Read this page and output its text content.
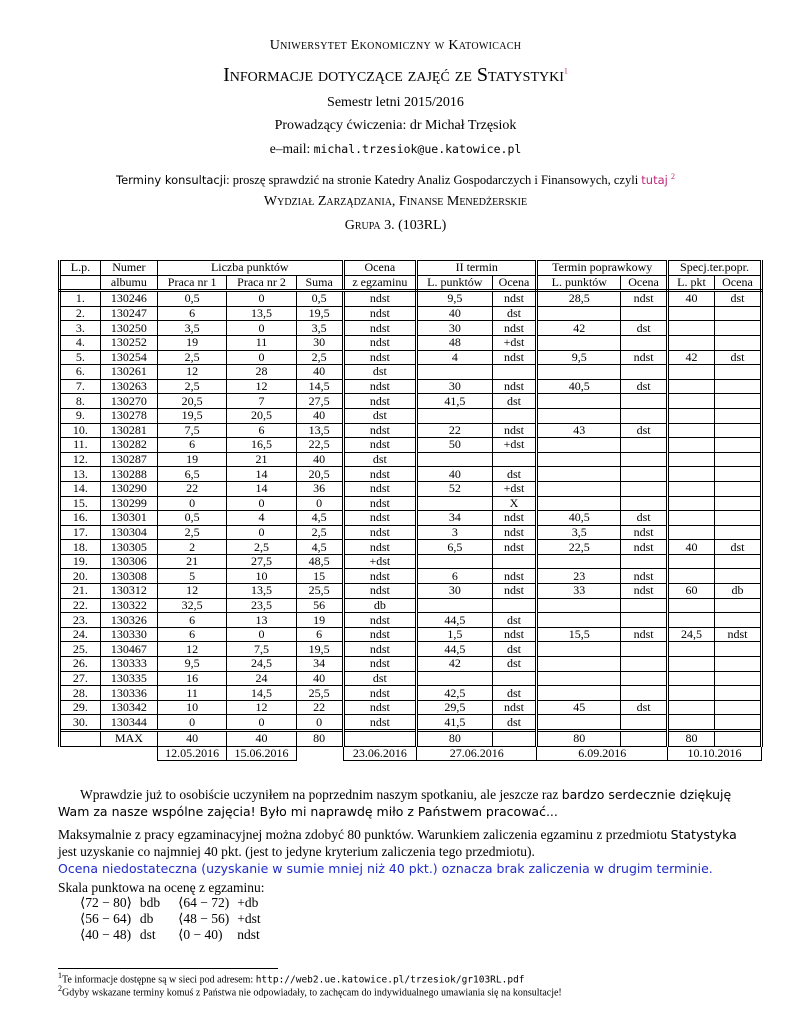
Uniwersytet Ekonomiczny w Katowicach
Informacje dotyczące zajęć ze Statystyki$^1$
Semestr letni 2015/2016
Prowadzący ćwiczenia: dr Michał Trzęsiok
e–mail: michal.trzesiok@ue.katowice.pl
Terminy konsultacji: proszę sprawdzić na stronie Katedry Analiz Gospodarczych i Finansowych, czyli tutaj $^2$
Wydział Zarządzania, Finanse Menedżerskie
Grupa 3. (103RL)
L.p.	Numer	Liczba punktów			Ocena	II termin		Termin poprawkowy		Specj.ter.popr.	
	albumu	Praca nr 1	Praca nr 2	Suma	z egzaminu	L. punktów	Ocena	L. punktów	Ocena	L. pkt	Ocena
1.	130246	0,5	0	0,5	ndst	9,5	ndst	28,5	ndst	40	dst
2.	130247	6	13,5	19,5	ndst	40	dst				
3.	130250	3,5	0	3,5	ndst	30	ndst	42	dst		
4.	130252	19	11	30	ndst	48	+dst				
5.	130254	2,5	0	2,5	ndst	4	ndst	9,5	ndst	42	dst
6.	130261	12	28	40	dst						
7.	130263	2,5	12	14,5	ndst	30	ndst	40,5	dst		
8.	130270	20,5	7	27,5	ndst	41,5	dst				
9.	130278	19,5	20,5	40	dst						
10.	130281	7,5	6	13,5	ndst	22	ndst	43	dst		
11.	130282	6	16,5	22,5	ndst	50	+dst				
12.	130287	19	21	40	dst						
13.	130288	6,5	14	20,5	ndst	40	dst				
14.	130290	22	14	36	ndst	52	+dst				
15.	130299	0	0	0	ndst		X				
16.	130301	0,5	4	4,5	ndst	34	ndst	40,5	dst		
17.	130304	2,5	0	2,5	ndst	3	ndst	3,5	ndst		
18.	130305	2	2,5	4,5	ndst	6,5	ndst	22,5	ndst	40	dst
19.	130306	21	27,5	48,5	+dst						
20.	130308	5	10	15	ndst	6	ndst	23	ndst		
21.	130312	12	13,5	25,5	ndst	30	ndst	33	ndst	60	db
22.	130322	32,5	23,5	56	db						
23.	130326	6	13	19	ndst	44,5	dst				
24.	130330	6	0	6	ndst	1,5	ndst	15,5	ndst	24,5	ndst
25.	130467	12	7,5	19,5	ndst	44,5	dst				
26.	130333	9,5	24,5	34	ndst	42	dst				
27.	130335	16	24	40	dst						
28.	130336	11	14,5	25,5	ndst	42,5	dst				
29.	130342	10	12	22	ndst	29,5	ndst	45	dst		
30.	130344	0	0	0	ndst	41,5	dst				
	MAX	40	40	80		80		80		80	
		12.05.2016	15.06.2016		23.06.2016	27.06.2016		6.09.2016		10.10.2016	
Wprawdzie już to osobiście uczyniłem na poprzednim naszym spotkaniu, ale jeszcze raz bardzo serdecznie dziękuję Wam za nasze wspólne zajęcia! Było mi naprawdę miło z Państwem pracować...
Maksymalnie z pracy egzaminacyjnej można zdobyć 80 punktów. Warunkiem zaliczenia egzaminu z przedmiotu Statystyka jest uzyskanie co najmniej 40 pkt. (jest to jedyne kryterium zaliczenia tego przedmiotu).
Ocena niedostateczna (uzyskanie w sumie mniej niż 40 pkt.) oznacza brak zaliczenia w drugim terminie.
Skala punktowa na ocenę z egzaminu:
⟨72 − 80⟩	bdb	⟨64 − 72)	+db
⟨56 − 64)	db	⟨48 − 56)	+dst
⟨40 − 48)	dst	⟨0 − 40)	ndst
$^1$Te informacje dostępne są w sieci pod adresem: http://web2.ue.katowice.pl/trzesiok/gr103RL.pdf
$^2$Gdyby wskazane terminy komuś z Państwa nie odpowiadały, to zachęcam do indywidualnego umawiania się na konsultacje!
